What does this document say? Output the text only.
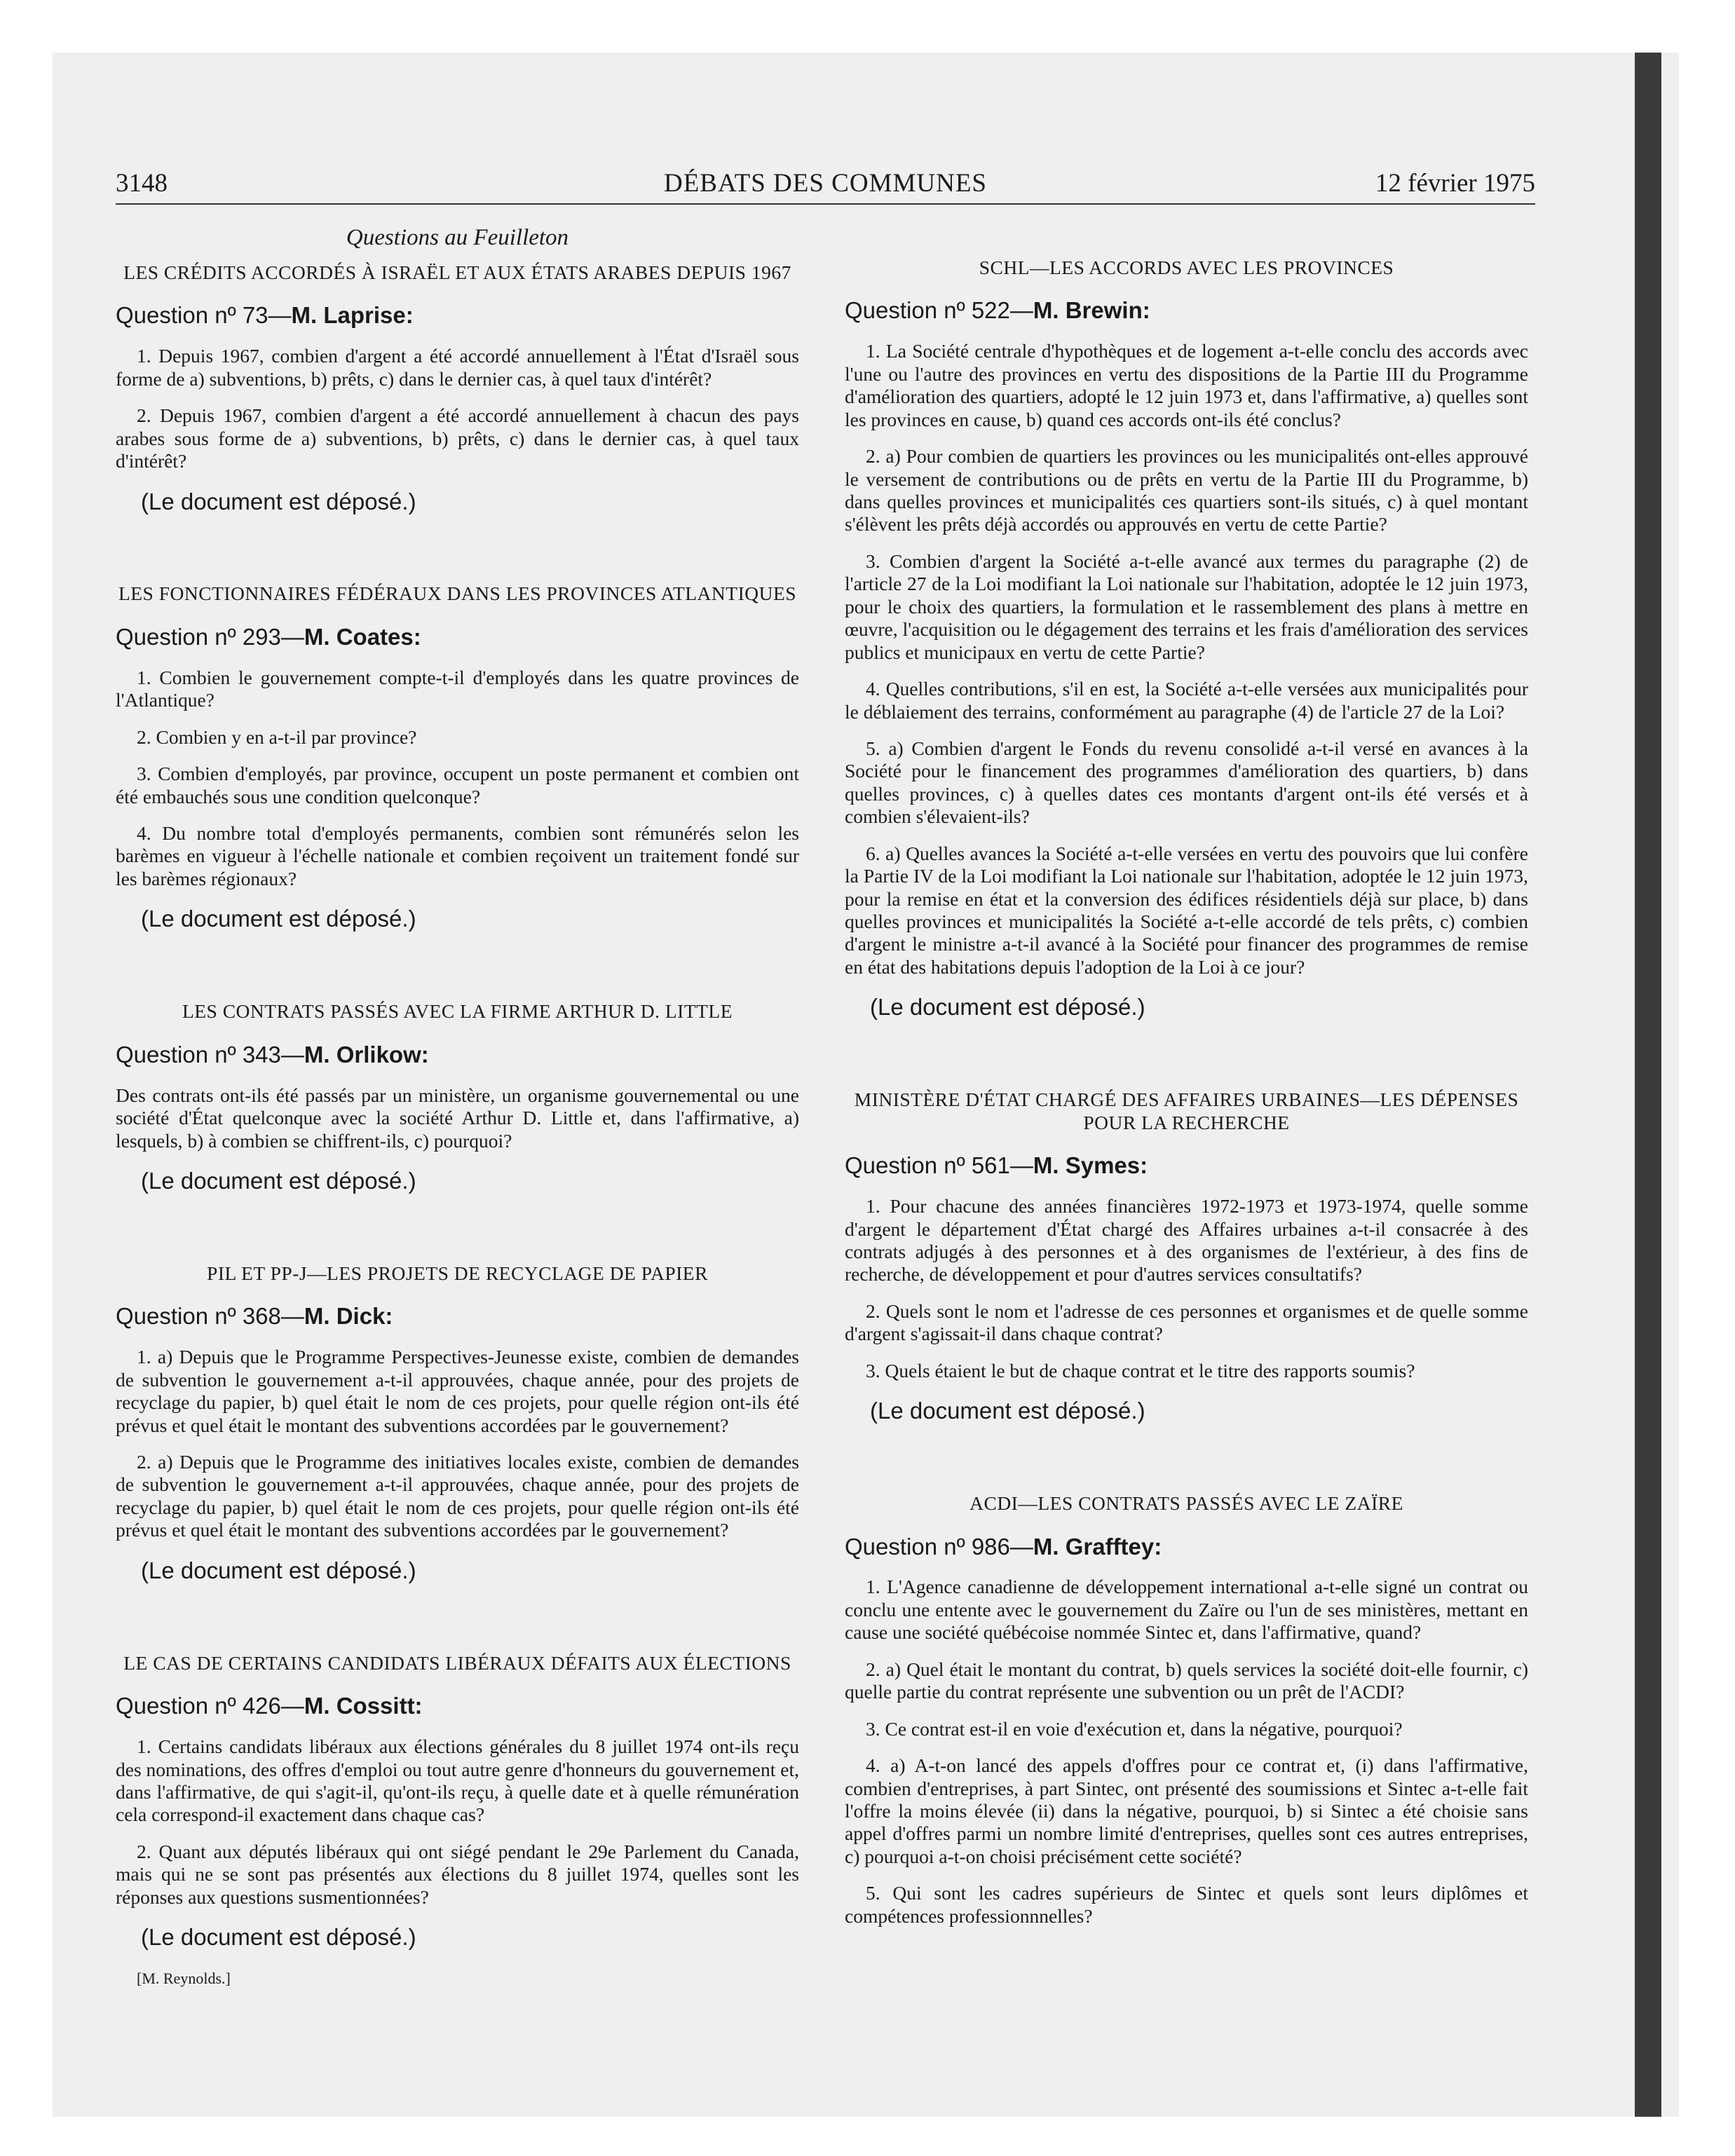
3148	DÉBATS DES COMMUNES	12 février 1975
Questions au Feuilleton
LES CRÉDITS ACCORDÉS À ISRAËL ET AUX ÉTATS ARABES DEPUIS 1967
Question nº 73—M. Laprise:

1. Depuis 1967, combien d'argent a été accordé annuellement à l'État d'Israël sous forme de a) subventions, b) prêts, c) dans le dernier cas, à quel taux d'intérêt?

2. Depuis 1967, combien d'argent a été accordé annuellement à chacun des pays arabes sous forme de a) subventions, b) prêts, c) dans le dernier cas, à quel taux d'intérêt?

(Le document est déposé.)
LES FONCTIONNAIRES FÉDÉRAUX DANS LES PROVINCES ATLANTIQUES
Question nº 293—M. Coates:

1. Combien le gouvernement compte-t-il d'employés dans les quatre provinces de l'Atlantique?

2. Combien y en a-t-il par province?

3. Combien d'employés, par province, occupent un poste permanent et combien ont été embauchés sous une condition quelconque?

4. Du nombre total d'employés permanents, combien sont rémunérés selon les barèmes en vigueur à l'échelle nationale et combien reçoivent un traitement fondé sur les barèmes régionaux?

(Le document est déposé.)
LES CONTRATS PASSÉS AVEC LA FIRME ARTHUR D. LITTLE
Question nº 343—M. Orlikow:

Des contrats ont-ils été passés par un ministère, un organisme gouvernemental ou une société d'État quelconque avec la société Arthur D. Little et, dans l'affirmative, a) lesquels, b) à combien se chiffrent-ils, c) pourquoi?

(Le document est déposé.)
PIL ET PP-J—LES PROJETS DE RECYCLAGE DE PAPIER
Question nº 368—M. Dick:

1. a) Depuis que le Programme Perspectives-Jeunesse existe, combien de demandes de subvention le gouvernement a-t-il approuvées, chaque année, pour des projets de recyclage du papier, b) quel était le nom de ces projets, pour quelle région ont-ils été prévus et quel était le montant des subventions accordées par le gouvernement?

2. a) Depuis que le Programme des initiatives locales existe, combien de demandes de subvention le gouvernement a-t-il approuvées, chaque année, pour des projets de recyclage du papier, b) quel était le nom de ces projets, pour quelle région ont-ils été prévus et quel était le montant des subventions accordées par le gouvernement?

(Le document est déposé.)
LE CAS DE CERTAINS CANDIDATS LIBÉRAUX DÉFAITS AUX ÉLECTIONS
Question nº 426—M. Cossitt:

1. Certains candidats libéraux aux élections générales du 8 juillet 1974 ont-ils reçu des nominations, des offres d'emploi ou tout autre genre d'honneurs du gouvernement et, dans l'affirmative, de qui s'agit-il, qu'ont-ils reçu, à quelle date et à quelle rémunération cela correspond-il exactement dans chaque cas?

2. Quant aux députés libéraux qui ont siégé pendant le 29e Parlement du Canada, mais qui ne se sont pas présentés aux élections du 8 juillet 1974, quelles sont les réponses aux questions susmentionnées?

(Le document est déposé.)
[M. Reynolds.]
SCHL—LES ACCORDS AVEC LES PROVINCES
Question nº 522—M. Brewin:

1. La Société centrale d'hypothèques et de logement a-t-elle conclu des accords avec l'une ou l'autre des provinces en vertu des dispositions de la Partie III du Programme d'amélioration des quartiers, adopté le 12 juin 1973 et, dans l'affirmative, a) quelles sont les provinces en cause, b) quand ces accords ont-ils été conclus?

2. a) Pour combien de quartiers les provinces ou les municipalités ont-elles approuvé le versement de contributions ou de prêts en vertu de la Partie III du Programme, b) dans quelles provinces et municipalités ces quartiers sont-ils situés, c) à quel montant s'élèvent les prêts déjà accordés ou approuvés en vertu de cette Partie?

3. Combien d'argent la Société a-t-elle avancé aux termes du paragraphe (2) de l'article 27 de la Loi modifiant la Loi nationale sur l'habitation, adoptée le 12 juin 1973, pour le choix des quartiers, la formulation et le rassemblement des plans à mettre en œuvre, l'acquisition ou le dégagement des terrains et les frais d'amélioration des services publics et municipaux en vertu de cette Partie?

4. Quelles contributions, s'il en est, la Société a-t-elle versées aux municipalités pour le déblaiement des terrains, conformément au paragraphe (4) de l'article 27 de la Loi?

5. a) Combien d'argent le Fonds du revenu consolidé a-t-il versé en avances à la Société pour le financement des programmes d'amélioration des quartiers, b) dans quelles provinces, c) à quelles dates ces montants d'argent ont-ils été versés et à combien s'élevaient-ils?

6. a) Quelles avances la Société a-t-elle versées en vertu des pouvoirs que lui confère la Partie IV de la Loi modifiant la Loi nationale sur l'habitation, adoptée le 12 juin 1973, pour la remise en état et la conversion des édifices résidentiels déjà sur place, b) dans quelles provinces et municipalités la Société a-t-elle accordé de tels prêts, c) combien d'argent le ministre a-t-il avancé à la Société pour financer des programmes de remise en état des habitations depuis l'adoption de la Loi à ce jour?

(Le document est déposé.)
MINISTÈRE D'ÉTAT CHARGÉ DES AFFAIRES URBAINES—LES DÉPENSES POUR LA RECHERCHE
Question nº 561—M. Symes:

1. Pour chacune des années financières 1972-1973 et 1973-1974, quelle somme d'argent le département d'État chargé des Affaires urbaines a-t-il consacrée à des contrats adjugés à des personnes et à des organismes de l'extérieur, à des fins de recherche, de développement et pour d'autres services consultatifs?

2. Quels sont le nom et l'adresse de ces personnes et organismes et de quelle somme d'argent s'agissait-il dans chaque contrat?

3. Quels étaient le but de chaque contrat et le titre des rapports soumis?

(Le document est déposé.)
ACDI—LES CONTRATS PASSÉS AVEC LE ZAÏRE
Question nº 986—M. Grafftey:

1. L'Agence canadienne de développement international a-t-elle signé un contrat ou conclu une entente avec le gouvernement du Zaïre ou l'un de ses ministères, mettant en cause une société québécoise nommée Sintec et, dans l'affirmative, quand?

2. a) Quel était le montant du contrat, b) quels services la société doit-elle fournir, c) quelle partie du contrat représente une subvention ou un prêt de l'ACDI?

3. Ce contrat est-il en voie d'exécution et, dans la négative, pourquoi?

4. a) A-t-on lancé des appels d'offres pour ce contrat et, (i) dans l'affirmative, combien d'entreprises, à part Sintec, ont présenté des soumissions et Sintec a-t-elle fait l'offre la moins élevée (ii) dans la négative, pourquoi, b) si Sintec a été choisie sans appel d'offres parmi un nombre limité d'entreprises, quelles sont ces autres entreprises, c) pourquoi a-t-on choisi précisément cette société?

5. Qui sont les cadres supérieurs de Sintec et quels sont leurs diplômes et compétences professionnnelles?
